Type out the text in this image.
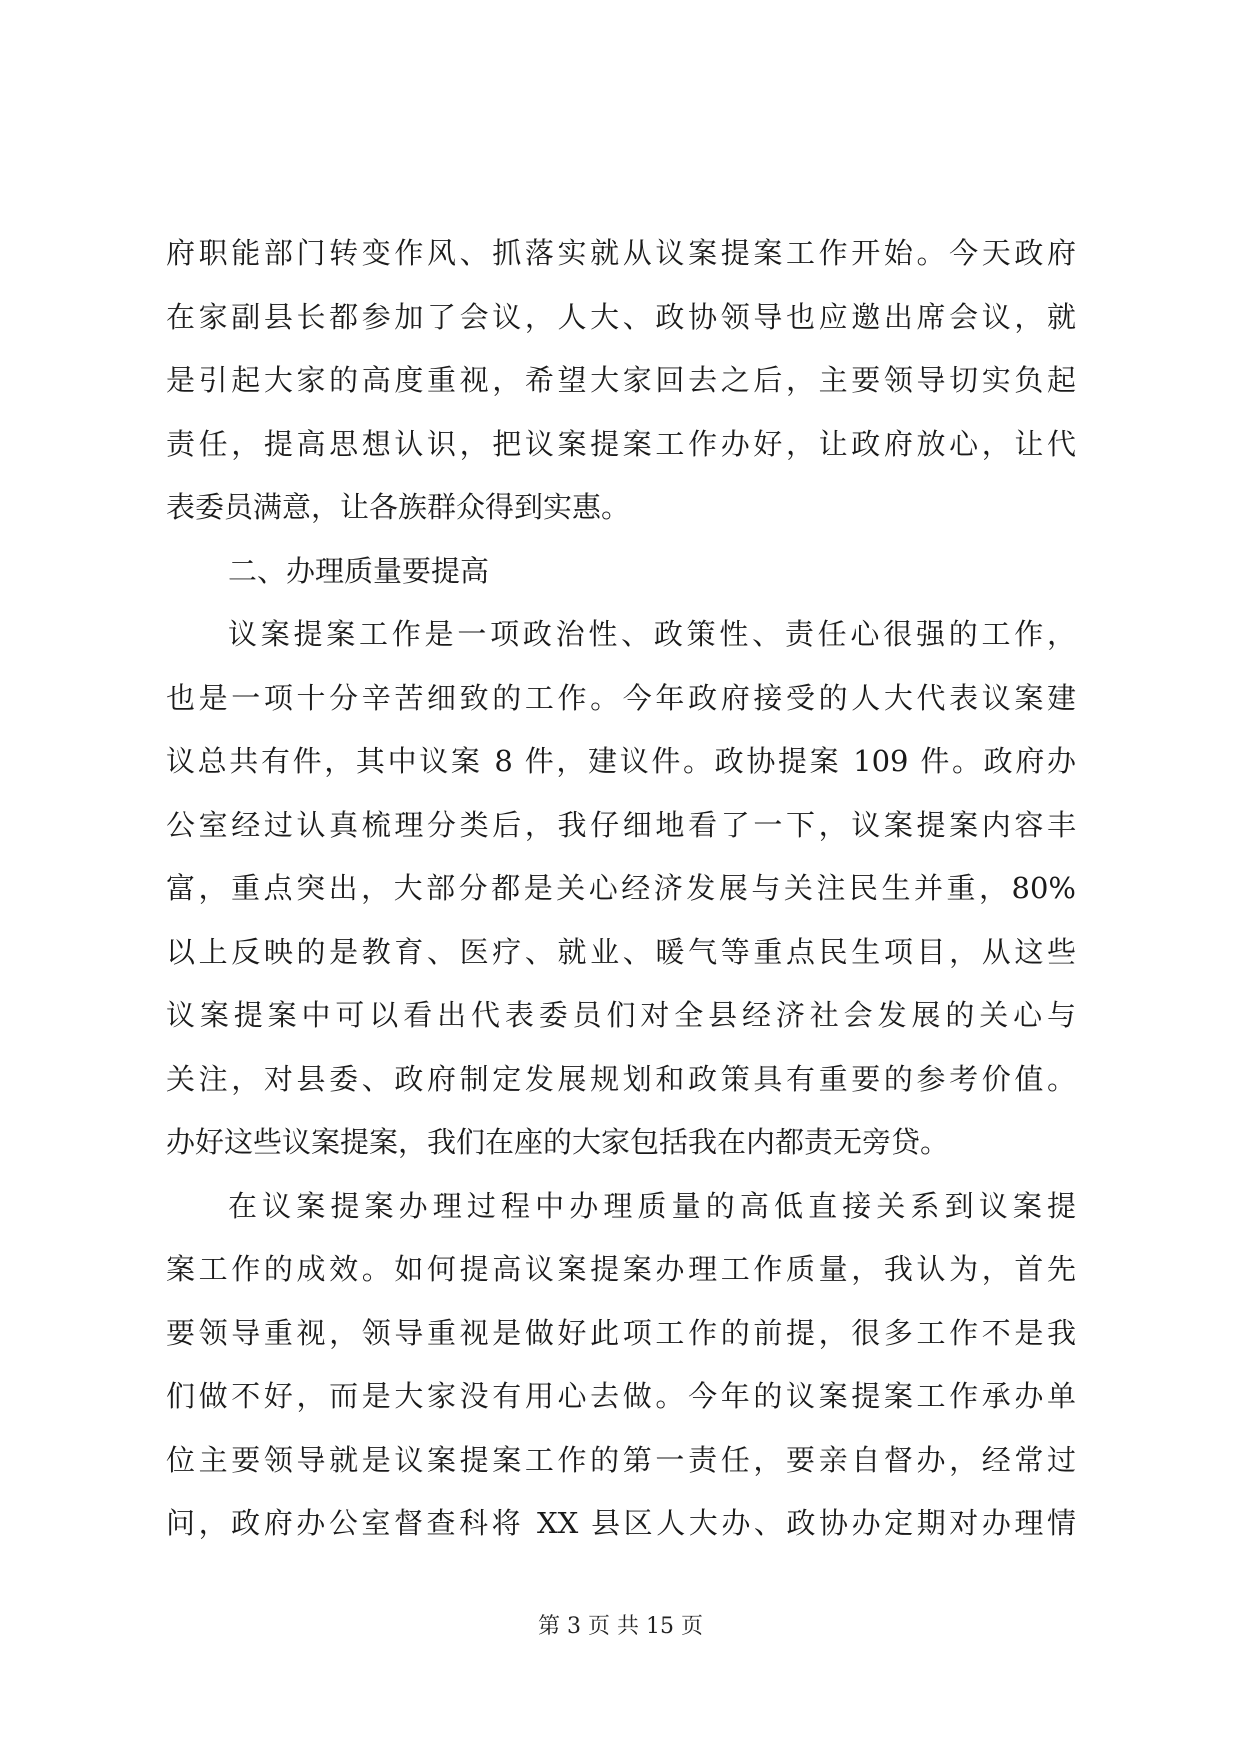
府职能部门转变作风、抓落实就从议案提案工作开始。今天政府
在家副县长都参加了会议，人大、政协领导也应邀出席会议，就
是引起大家的高度重视，希望大家回去之后，主要领导切实负起
责任，提高思想认识，把议案提案工作办好，让政府放心，让代
表委员满意，让各族群众得到实惠。
二、办理质量要提高
议案提案工作是一项政治性、政策性、责任心很强的工作，
也是一项十分辛苦细致的工作。今年政府接受的人大代表议案建
议总共有件，其中议案 8 件，建议件。政协提案 109 件。政府办
公室经过认真梳理分类后，我仔细地看了一下，议案提案内容丰
富，重点突出，大部分都是关心经济发展与关注民生并重，80%
以上反映的是教育、医疗、就业、暖气等重点民生项目，从这些
议案提案中可以看出代表委员们对全县经济社会发展的关心与
关注，对县委、政府制定发展规划和政策具有重要的参考价值。
办好这些议案提案，我们在座的大家包括我在内都责无旁贷。
在议案提案办理过程中办理质量的高低直接关系到议案提
案工作的成效。如何提高议案提案办理工作质量，我认为，首先
要领导重视，领导重视是做好此项工作的前提，很多工作不是我
们做不好，而是大家没有用心去做。今年的议案提案工作承办单
位主要领导就是议案提案工作的第一责任，要亲自督办，经常过
问，政府办公室督查科将 XX 县区人大办、政协办定期对办理情
第 3 页 共 15 页
